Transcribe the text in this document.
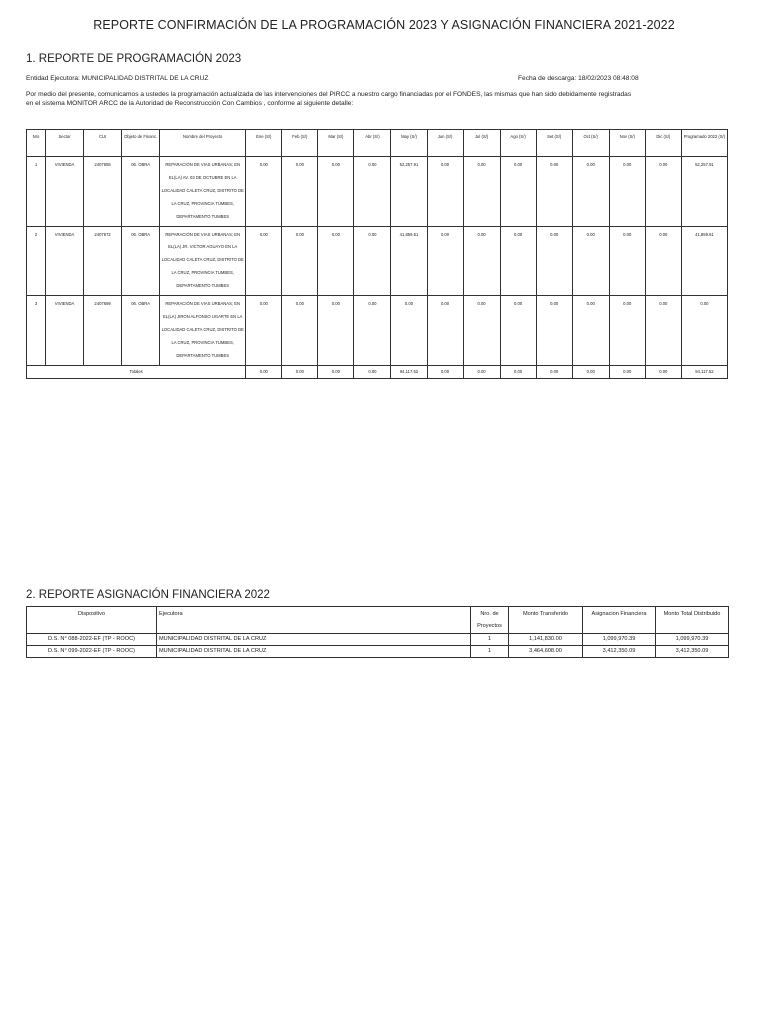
REPORTE CONFIRMACIÓN DE LA PROGRAMACIÓN 2023 Y ASIGNACIÓN FINANCIERA 2021-2022
1. REPORTE DE PROGRAMACIÓN 2023
Entidad Ejecutora: MUNICIPALIDAD DISTRITAL DE LA CRUZ	Fecha de descarga: 18/02/2023 08:48:08
Por medio del presente, comunicamos a ustedes la programación actualizada de las intervenciones del PIRCC a nuestro cargo financiadas por el FONDES, las mismas que han sido debidamente registradas
en el sistema MONITOR ARCC de la Autoridad de Reconstrucción Con Cambios , conforme al siguiente detalle:
Nro	Sector	CUI	Objeto de Financ.	Nombre del Proyecto	Ene (S/)	Feb (S/)	Mar (S/)	Abr (S/)	May (S/)	Jun (S/)	Jul (S/)	Ago (S/)	Set (S/)	Oct (S/)	Nov (S/)	Dic (S/)	Programado 2022 (S/)
1	VIVIENDA	2407655	06. OBRA	REPARACIÓN DE VIAS URBANAS; EN EL(LA) AV. 03 DE OCTUBRE EN LA LOCALIDAD CALETA CRUZ, DISTRITO DE LA CRUZ, PROVINCIA TUMBES, DEPARTAMENTO TUMBES	0.00	0.00	0.00	0.00	52,257.91	0.00	0.00	0.00	0.00	0.00	0.00	0.00	52,257.91
2	VIVIENDA	2407672	06. OBRA	REPARACIÓN DE VIAS URBANAS; EN EL(LA) JR. VICTOR AGUAYO EN LA LOCALIDAD CALETA CRUZ, DISTRITO DE LA CRUZ, PROVINCIA TUMBES, DEPARTAMENTO TUMBES	0.00	0.00	0.00	0.00	41,859.61	0.00	0.00	0.00	0.00	0.00	0.00	0.00	41,859.61
3	VIVIENDA	2407699	06. OBRA	REPARACIÓN DE VIAS URBANAS; EN EL(LA) JIRON ALFONSO UGARTE EN LA LOCALIDAD CALETA CRUZ, DISTRITO DE LA CRUZ, PROVINCIA TUMBES, DEPARTAMENTO TUMBES	0.00	0.00	0.00	0.00	0.00	0.00	0.00	0.00	0.00	0.00	0.00	0.00	0.00
Totales					0.00	0.00	0.00	0.00	94,117.52	0.00	0.00	0.00	0.00	0.00	0.00	0.00	94,117.52
2. REPORTE ASIGNACIÓN FINANCIERA 2022
Dispositivo	Ejecutora	Nro. de Proyectos	Monto Transferido	Asignacion Financiera	Monto Total Distribuido
D.S. N° 088-2022-EF (TP - ROOC)	MUNICIPALIDAD DISTRITAL DE LA CRUZ	1	1,141,830.00	1,099,970.39	1,099,970.39
D.S. N° 099-2022-EF (TP - ROOC)	MUNICIPALIDAD DISTRITAL DE LA CRUZ	1	3,464,608.00	3,412,350.09	3,412,350.09
